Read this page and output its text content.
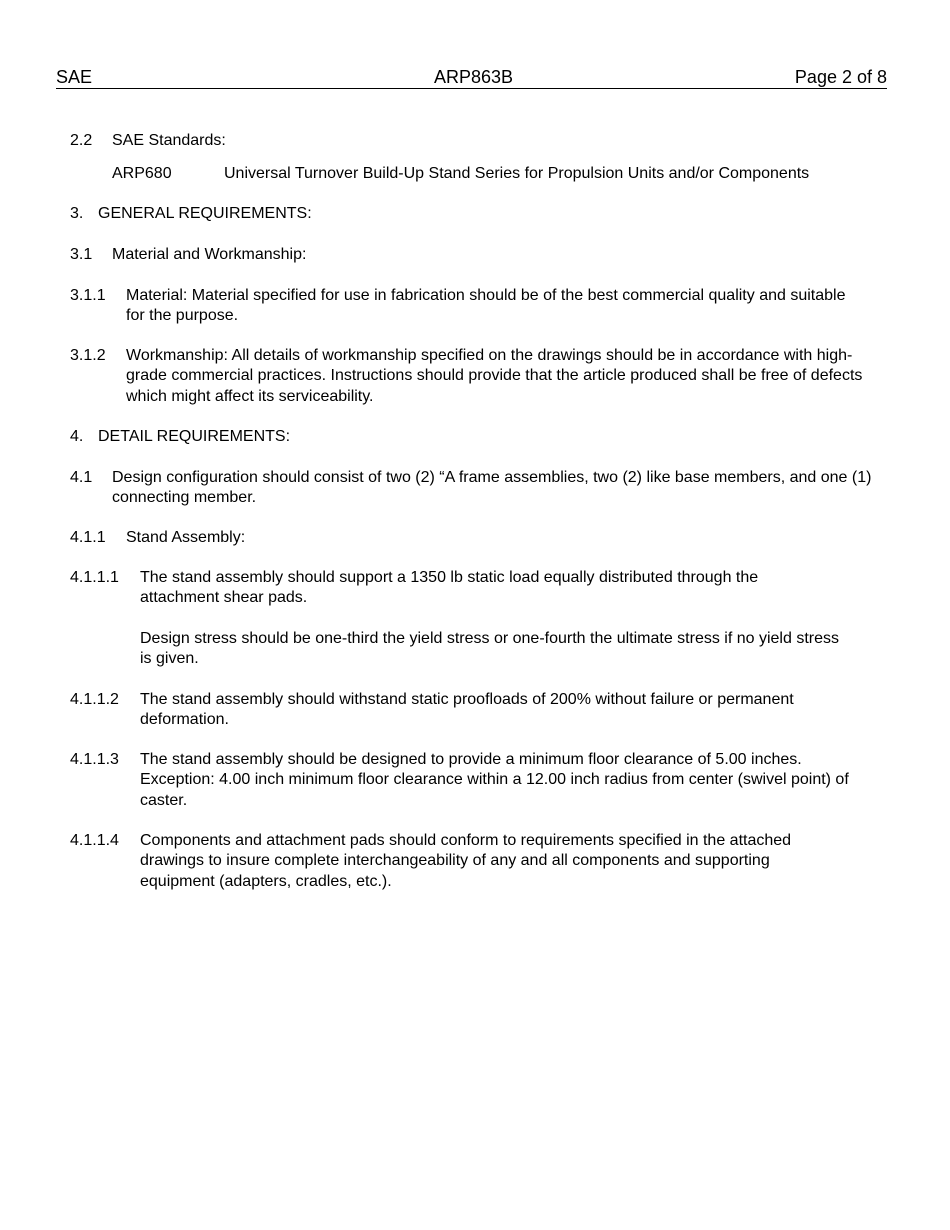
SAE	ARP863B	Page 2 of 8
2.2 SAE Standards:
ARP680	Universal Turnover Build-Up Stand Series for Propulsion Units and/or Components
3. GENERAL REQUIREMENTS:
3.1 Material and Workmanship:
3.1.1 Material: Material specified for use in fabrication should be of the best commercial quality and suitable for the purpose.
3.1.2 Workmanship: All details of workmanship specified on the drawings should be in accordance with high-grade commercial practices. Instructions should provide that the article produced shall be free of defects which might affect its serviceability.
4. DETAIL REQUIREMENTS:
4.1 Design configuration should consist of two (2) “A frame assemblies, two (2) like base members, and one (1) connecting member.
4.1.1 Stand Assembly:
4.1.1.1 The stand assembly should support a 1350 lb static load equally distributed through the attachment shear pads.
Design stress should be one-third the yield stress or one-fourth the ultimate stress if no yield stress is given.
4.1.1.2 The stand assembly should withstand static proofloads of 200% without failure or permanent deformation.
4.1.1.3 The stand assembly should be designed to provide a minimum floor clearance of 5.00 inches. Exception: 4.00 inch minimum floor clearance within a 12.00 inch radius from center (swivel point) of caster.
4.1.1.4 Components and attachment pads should conform to requirements specified in the attached drawings to insure complete interchangeability of any and all components and supporting equipment (adapters, cradles, etc.).
